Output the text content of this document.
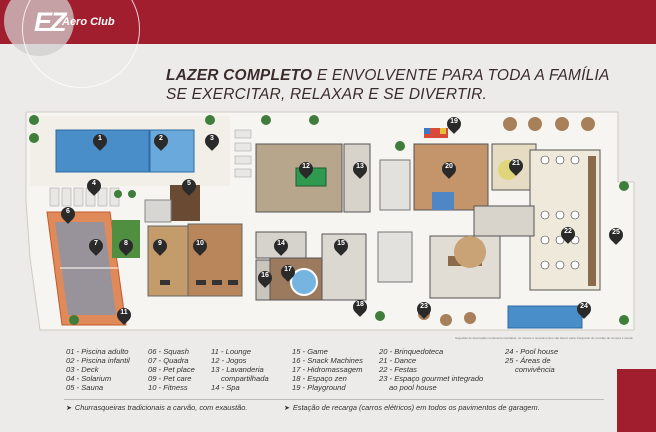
EZ
Aero Club
LAZER COMPLETO E ENVOLVENTE PARA TODA A FAMÍLIA
SE EXERCITAR, RELAXAR E SE DIVERTIR.
1	2	3
4	5
6
7	8	9	10
11
12	13
14	15
16
17
18
19
20	21
22
23	24
25
Sugestão de decoração meramente ilustrativa, os móveis e revestimentos não fazem parte integrante do contrato de compra e venda.
01 - Piscina adulto
02 - Piscina infantil
03 - Deck
04 - Solarium
05 - Sauna
06 - Squash
07 - Quadra
08 - Pet place
09 - Pet care
10 - Fitness
11 - Lounge
12 - Jogos
13 - Lavanderia
compartilhada
14 - Spa
15 - Game
16 - Snack Machines
17 - Hidromassagem
18 - Espaço zen
19 - Playground
20 - Brinquedoteca
21 - Dance
22 - Festas
23 - Espaço gourmet integrado
ao pool house
24 - Pool house
25 - Áreas de
convivência
➤ Churrasqueiras tradicionais a carvão, com exaustão.	➤ Estação de recarga (carros elétricos) em todos os pavimentos de garagem.
